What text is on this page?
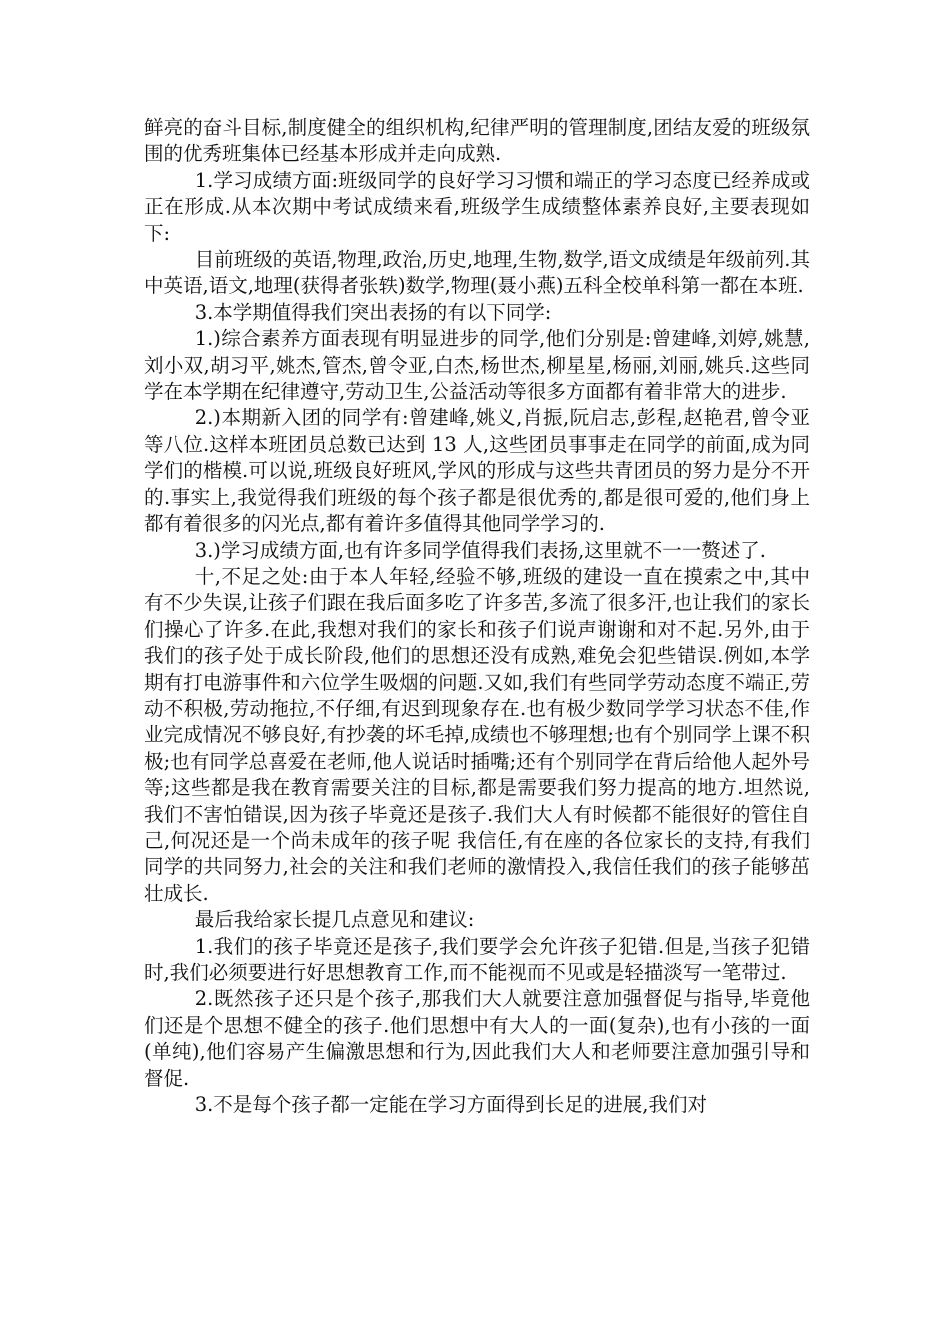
鲜亮的奋斗目标,制度健全的组织机构,纪律严明的管理制度,团结友爱的班级氛围的优秀班集体已经基本形成并走向成熟.

1.学习成绩方面:班级同学的良好学习习惯和端正的学习态度已经养成或正在形成.从本次期中考试成绩来看,班级学生成绩整体素养良好,主要表现如下:

目前班级的英语,物理,政治,历史,地理,生物,数学,语文成绩是年级前列.其中英语,语文,地理(获得者张轶)数学,物理(聂小燕)五科全校单科第一都在本班.

3.本学期值得我们突出表扬的有以下同学:

1.)综合素养方面表现有明显进步的同学,他们分别是:曾建峰,刘婷,姚慧,刘小双,胡习平,姚杰,管杰,曾令亚,白杰,杨世杰,柳星星,杨丽,刘丽,姚兵.这些同学在本学期在纪律遵守,劳动卫生,公益活动等很多方面都有着非常大的进步.

2.)本期新入团的同学有:曾建峰,姚义,肖振,阮启志,彭程,赵艳君,曾令亚等八位.这样本班团员总数已达到 13 人,这些团员事事走在同学的前面,成为同学们的楷模.可以说,班级良好班风,学风的形成与这些共青团员的努力是分不开的.事实上,我觉得我们班级的每个孩子都是很优秀的,都是很可爱的,他们身上都有着很多的闪光点,都有着许多值得其他同学学习的.

3.)学习成绩方面,也有许多同学值得我们表扬,这里就不一一赘述了.

十,不足之处:由于本人年轻,经验不够,班级的建设一直在摸索之中,其中有不少失误,让孩子们跟在我后面多吃了许多苦,多流了很多汗,也让我们的家长们操心了许多.在此,我想对我们的家长和孩子们说声谢谢和对不起.另外,由于我们的孩子处于成长阶段,他们的思想还没有成熟,难免会犯些错误.例如,本学期有打电游事件和六位学生吸烟的问题.又如,我们有些同学劳动态度不端正,劳动不积极,劳动拖拉,不仔细,有迟到现象存在.也有极少数同学学习状态不佳,作业完成情况不够良好,有抄袭的坏毛掉,成绩也不够理想;也有个别同学上课不积极;也有同学总喜爱在老师,他人说话时插嘴;还有个别同学在背后给他人起外号等;这些都是我在教育需要关注的目标,都是需要我们努力提高的地方.坦然说,我们不害怕错误,因为孩子毕竟还是孩子.我们大人有时候都不能很好的管住自己,何况还是一个尚未成年的孩子呢 我信任,有在座的各位家长的支持,有我们同学的共同努力,社会的关注和我们老师的激情投入,我信任我们的孩子能够茁壮成长.

最后我给家长提几点意见和建议:

1.我们的孩子毕竟还是孩子,我们要学会允许孩子犯错.但是,当孩子犯错时,我们必须要进行好思想教育工作,而不能视而不见或是轻描淡写一笔带过.

2.既然孩子还只是个孩子,那我们大人就要注意加强督促与指导,毕竟他们还是个思想不健全的孩子.他们思想中有大人的一面(复杂),也有小孩的一面(单纯),他们容易产生偏激思想和行为,因此我们大人和老师要注意加强引导和督促.

3.不是每个孩子都一定能在学习方面得到长足的进展,我们对
